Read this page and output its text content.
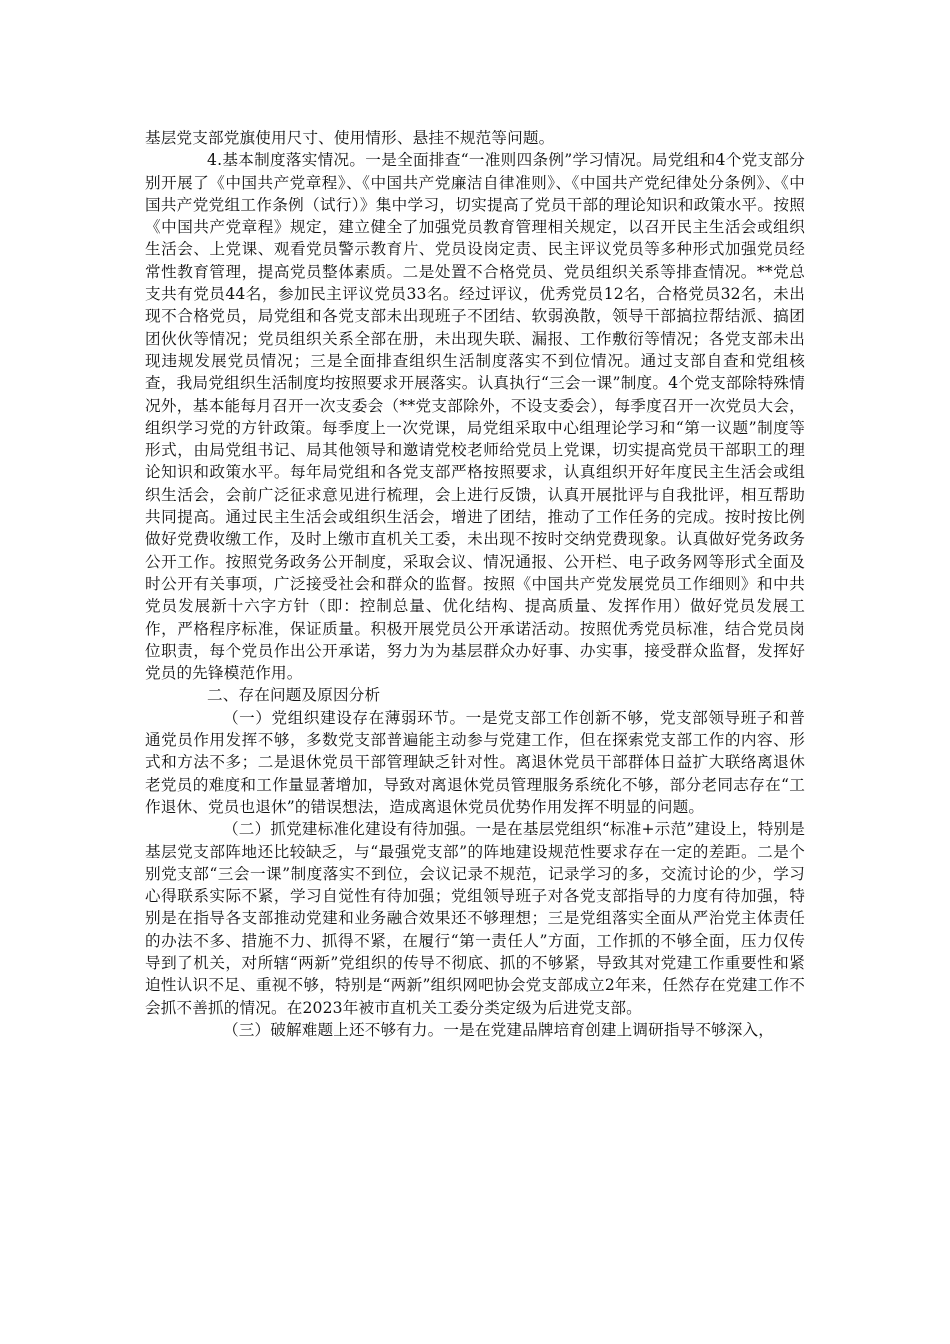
基层党支部党旗使用尺寸、使用情形、悬挂不规范等问题。

4.基本制度落实情况。一是全面排查“一准则四条例”学习情况。局党组和4个党支部分别开展了《中国共产党章程》、《中国共产党廉洁自律准则》、《中国共产党纪律处分条例》、《中国共产党党组工作条例（试行）》集中学习，切实提高了党员干部的理论知识和政策水平。按照《中国共产党章程》规定，建立健全了加强党员教育管理相关规定，以召开民主生活会或组织生活会、上党课、观看党员警示教育片、党员设岗定责、民主评议党员等多种形式加强党员经常性教育管理，提高党员整体素质。二是处置不合格党员、党员组织关系等排查情况。**党总支共有党员44名，参加民主评议党员33名。经过评议，优秀党员12名，合格党员32名，未出现不合格党员，局党组和各党支部未出现班子不团结、软弱涣散，领导干部搞拉帮结派、搞团团伙伙等情况；党员组织关系全部在册，未出现失联、漏报、工作敷衍等情况；各党支部未出现违规发展党员情况；三是全面排查组织生活制度落实不到位情况。通过支部自查和党组核查，我局党组织生活制度均按照要求开展落实。认真执行“三会一课”制度。4个党支部除特殊情况外，基本能每月召开一次支委会（**党支部除外，不设支委会），每季度召开一次党员大会，组织学习党的方针政策。每季度上一次党课，局党组采取中心组理论学习和“第一议题”制度等形式，由局党组书记、局其他领导和邀请党校老师给党员上党课，切实提高党员干部职工的理论知识和政策水平。每年局党组和各党支部严格按照要求，认真组织开好年度民主生活会或组织生活会，会前广泛征求意见进行梳理，会上进行反馈，认真开展批评与自我批评，相互帮助共同提高。通过民主生活会或组织生活会，增进了团结，推动了工作任务的完成。按时按比例做好党费收缴工作，及时上缴市直机关工委，未出现不按时交纳党费现象。认真做好党务政务公开工作。按照党务政务公开制度，采取会议、情况通报、公开栏、电子政务网等形式全面及时公开有关事项，广泛接受社会和群众的监督。按照《中国共产党发展党员工作细则》和中共党员发展新十六字方针（即：控制总量、优化结构、提高质量、发挥作用）做好党员发展工作，严格程序标准，保证质量。积极开展党员公开承诺活动。按照优秀党员标准，结合党员岗位职责，每个党员作出公开承诺，努力为为基层群众办好事、办实事，接受群众监督，发挥好党员的先锋模范作用。

二、存在问题及原因分析

（一）党组织建设存在薄弱环节。一是党支部工作创新不够，党支部领导班子和普通党员作用发挥不够，多数党支部普遍能主动参与党建工作，但在探索党支部工作的内容、形式和方法不多；二是退休党员干部管理缺乏针对性。离退休党员干部群体日益扩大联络离退休老党员的难度和工作量显著增加，导致对离退休党员管理服务系统化不够，部分老同志存在“工作退休、党员也退休”的错误想法，造成离退休党员优势作用发挥不明显的问题。

（二）抓党建标准化建设有待加强。一是在基层党组织“标准+示范”建设上，特别是基层党支部阵地还比较缺乏，与“最强党支部”的阵地建设规范性要求存在一定的差距。二是个别党支部“三会一课”制度落实不到位，会议记录不规范，记录学习的多，交流讨论的少，学习心得联系实际不紧，学习自觉性有待加强；党组领导班子对各党支部指导的力度有待加强，特别是在指导各支部推动党建和业务融合效果还不够理想；三是党组落实全面从严治党主体责任的办法不多、措施不力、抓得不紧，在履行“第一责任人”方面，工作抓的不够全面，压力仅传导到了机关，对所辖“两新”党组织的传导不彻底、抓的不够紧，导致其对党建工作重要性和紧迫性认识不足、重视不够，特别是“两新”组织网吧协会党支部成立2年来，任然存在党建工作不会抓不善抓的情况。在2023年被市直机关工委分类定级为后进党支部。

（三）破解难题上还不够有力。一是在党建品牌培育创建上调研指导不够深入，
